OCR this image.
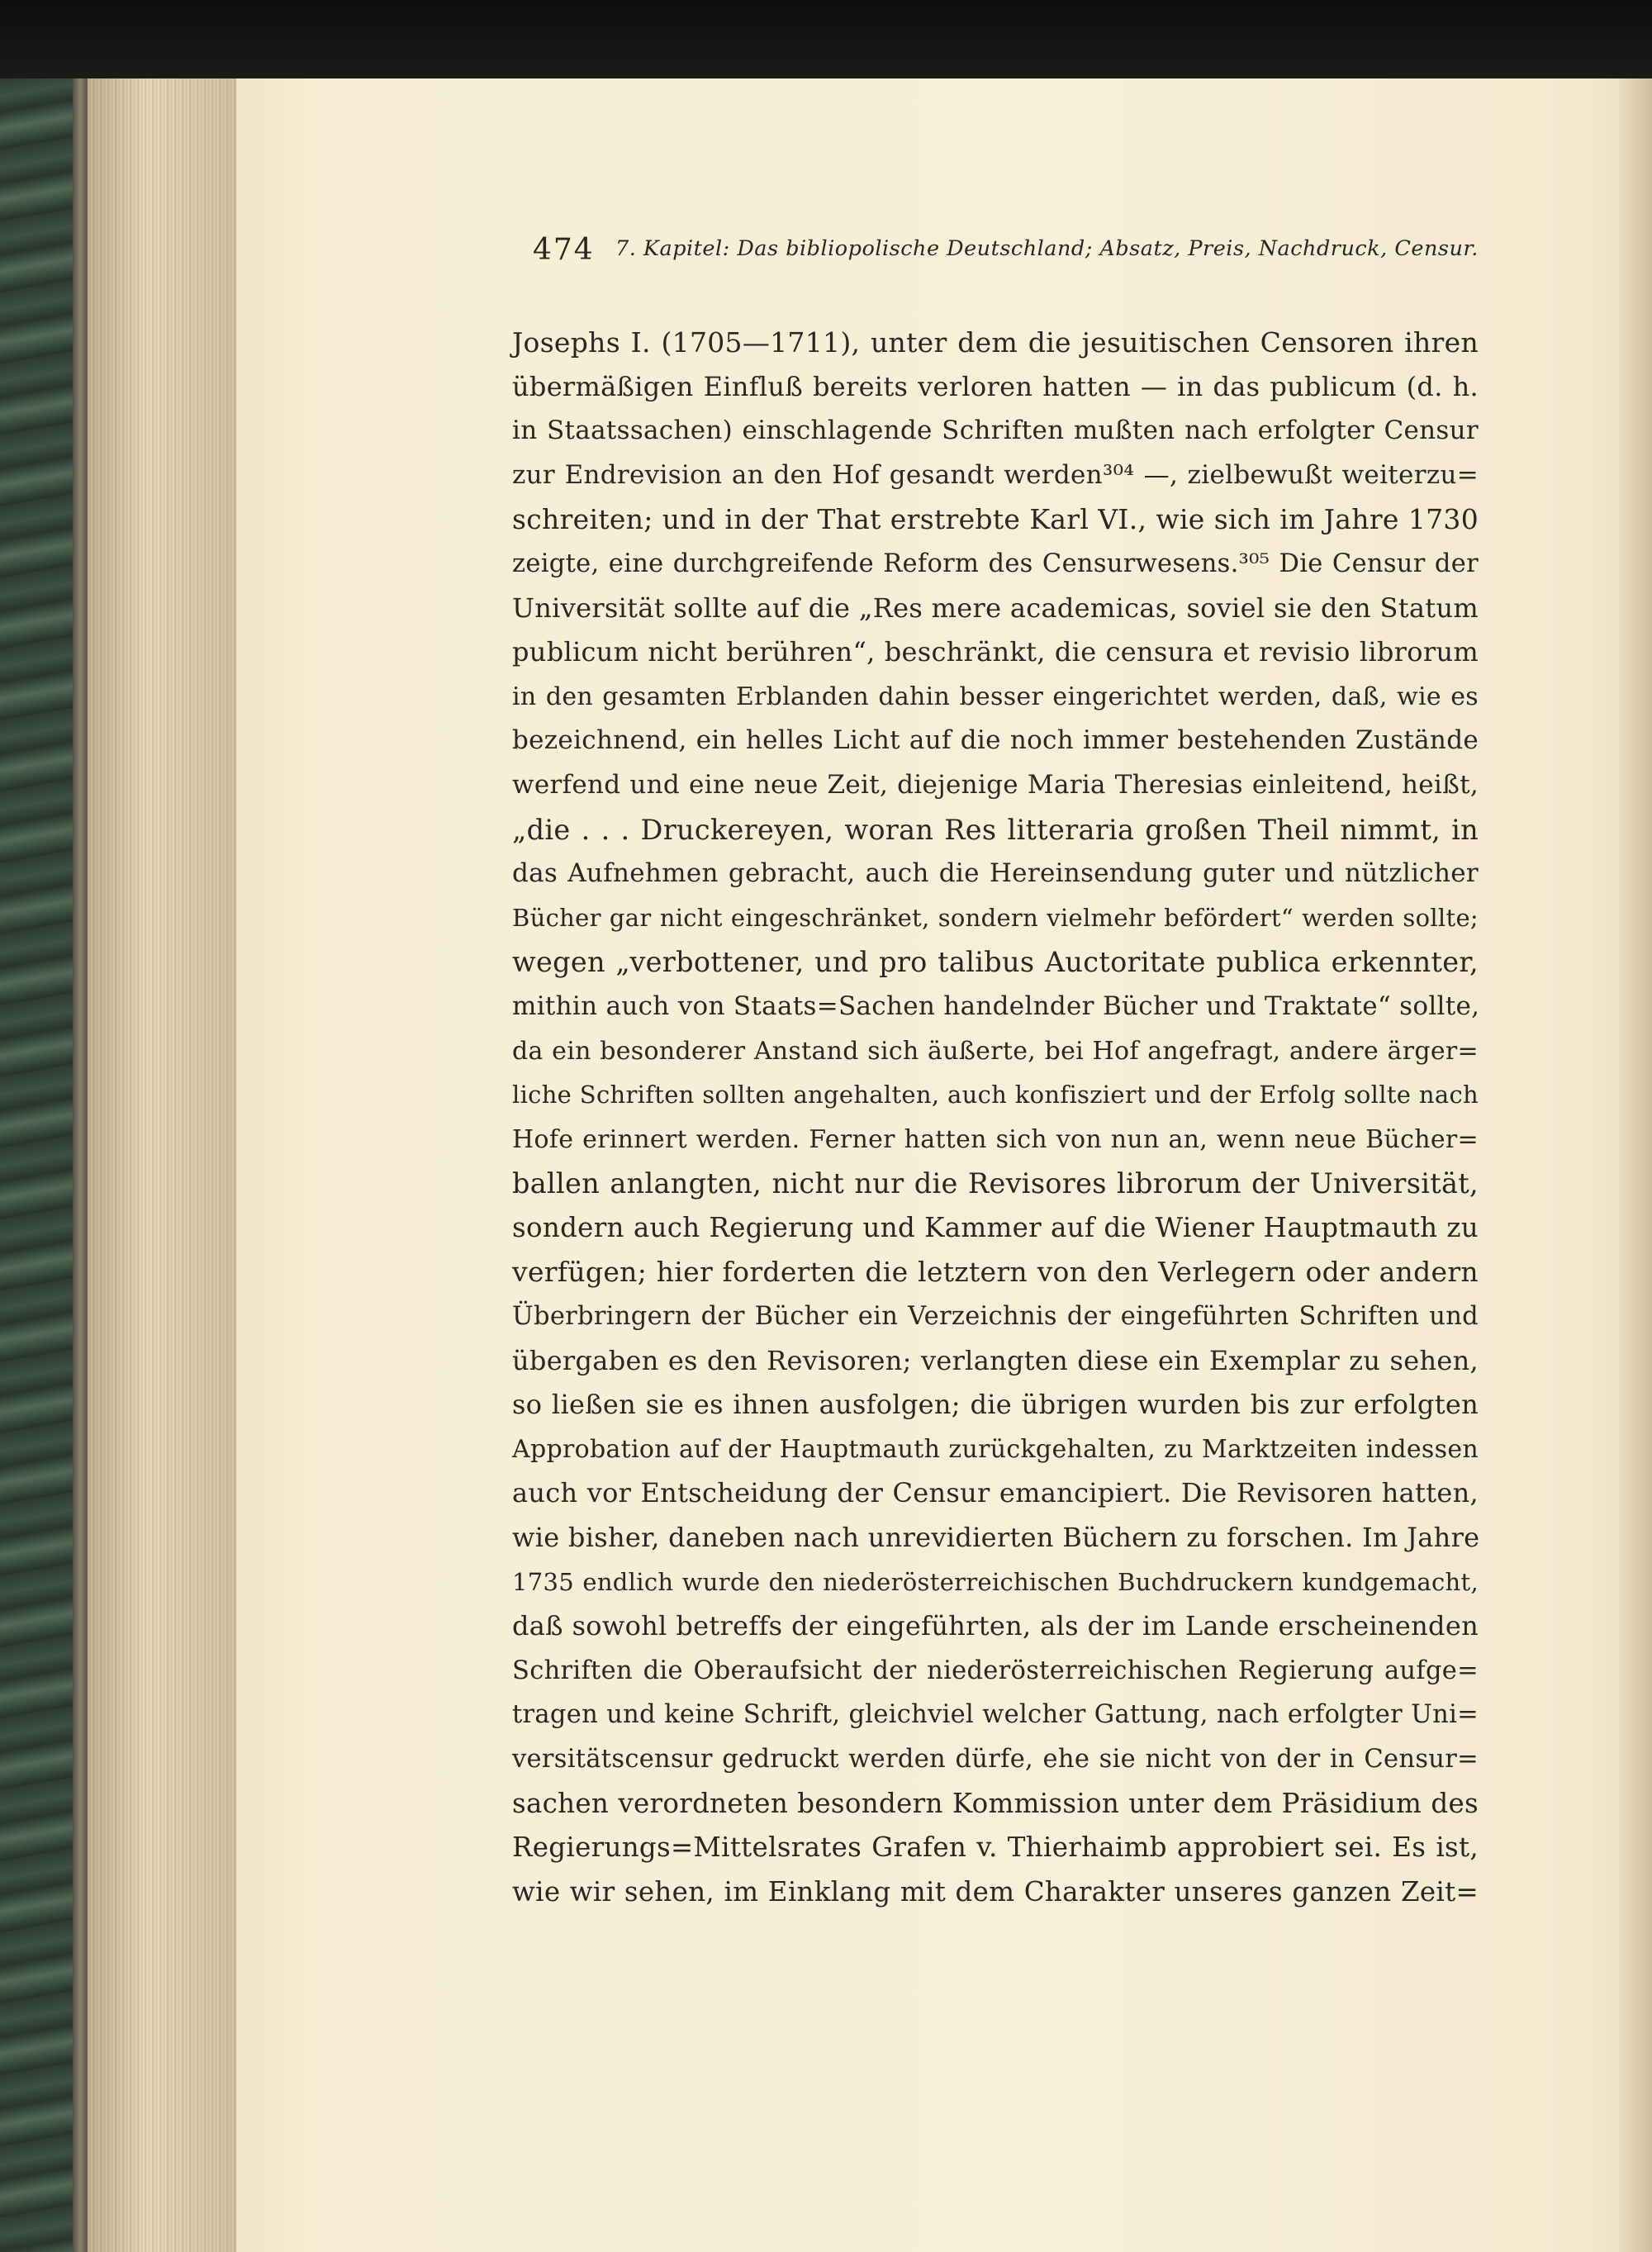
474 7. Kapitel: Das bibliopolische Deutschland; Absatz, Preis, Nachdruck, Censur.
Josephs I. (1705—1711), unter dem die jesuitischen Censoren ihren
übermäßigen Einfluß bereits verloren hatten — in das publicum (d. h.
in Staatssachen) einschlagende Schriften mußten nach erfolgter Censur
zur Endrevision an den Hof gesandt werden³⁰⁴ —, zielbewußt weiterzu=
schreiten; und in der That erstrebte Karl VI., wie sich im Jahre 1730
zeigte, eine durchgreifende Reform des Censurwesens.³⁰⁵ Die Censur der
Universität sollte auf die „Res mere academicas, soviel sie den Statum
publicum nicht berühren“, beschränkt, die censura et revisio librorum
in den gesamten Erblanden dahin besser eingerichtet werden, daß, wie es
bezeichnend, ein helles Licht auf die noch immer bestehenden Zustände
werfend und eine neue Zeit, diejenige Maria Theresias einleitend, heißt,
„die . . . Druckereyen, woran Res litteraria großen Theil nimmt, in
das Aufnehmen gebracht, auch die Hereinsendung guter und nützlicher
Bücher gar nicht eingeschränket, sondern vielmehr befördert“ werden sollte;
wegen „verbottener, und pro talibus Auctoritate publica erkennter,
mithin auch von Staats=Sachen handelnder Bücher und Traktate“ sollte,
da ein besonderer Anstand sich äußerte, bei Hof angefragt, andere ärger=
liche Schriften sollten angehalten, auch konfisziert und der Erfolg sollte nach
Hofe erinnert werden. Ferner hatten sich von nun an, wenn neue Bücher=
ballen anlangten, nicht nur die Revisores librorum der Universität,
sondern auch Regierung und Kammer auf die Wiener Hauptmauth zu
verfügen; hier forderten die letztern von den Verlegern oder andern
Überbringern der Bücher ein Verzeichnis der eingeführten Schriften und
übergaben es den Revisoren; verlangten diese ein Exemplar zu sehen,
so ließen sie es ihnen ausfolgen; die übrigen wurden bis zur erfolgten
Approbation auf der Hauptmauth zurückgehalten, zu Marktzeiten indessen
auch vor Entscheidung der Censur emancipiert. Die Revisoren hatten,
wie bisher, daneben nach unrevidierten Büchern zu forschen. Im Jahre
1735 endlich wurde den niederösterreichischen Buchdruckern kundgemacht,
daß sowohl betreffs der eingeführten, als der im Lande erscheinenden
Schriften die Oberaufsicht der niederösterreichischen Regierung aufge=
tragen und keine Schrift, gleichviel welcher Gattung, nach erfolgter Uni=
versitätscensur gedruckt werden dürfe, ehe sie nicht von der in Censur=
sachen verordneten besondern Kommission unter dem Präsidium des
Regierungs=Mittelsrates Grafen v. Thierhaimb approbiert sei. Es ist,
wie wir sehen, im Einklang mit dem Charakter unseres ganzen Zeit=
